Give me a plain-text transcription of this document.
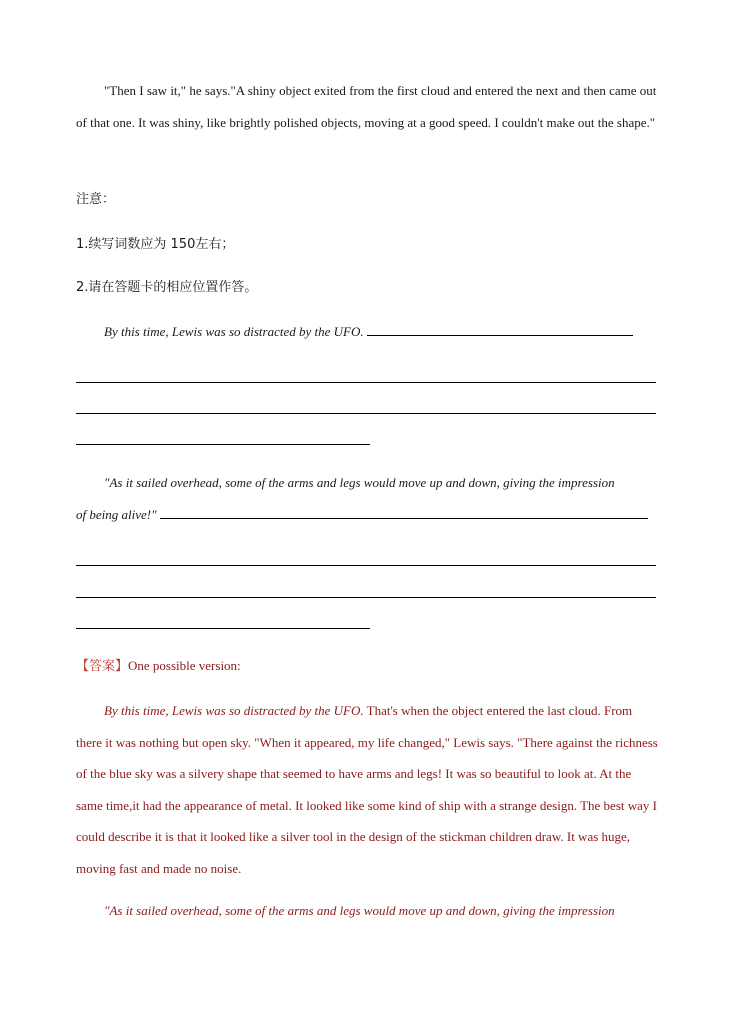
"Then I saw it," he says."A shiny object exited from the first cloud and entered the next and then came out of that one. It was shiny, like brightly polished objects, moving at a good speed. I couldn't make out the shape."

注意：

1.续写词数应为 150左右；

2.请在答题卡的相应位置作答。

By this time, Lewis was so distracted by the UFO.

"As it sailed overhead, some of the arms and legs would move up and down, giving the impression

of being alive!"

【答案】One possible version:

By this time, Lewis was so distracted by the UFO. That's when the object entered the last cloud. From there it was nothing but open sky. "When it appeared, my life changed," Lewis says. "There against the richness of the blue sky was a silvery shape that seemed to have arms and legs! It was so beautiful to look at. At the same time,it had the appearance of metal. It looked like some kind of ship with a strange design. The best way I could describe it is that it looked like a silver tool in the design of the stickman children draw. It was huge, moving fast and made no noise.

"As it sailed overhead, some of the arms and legs would move up and down, giving the impression
